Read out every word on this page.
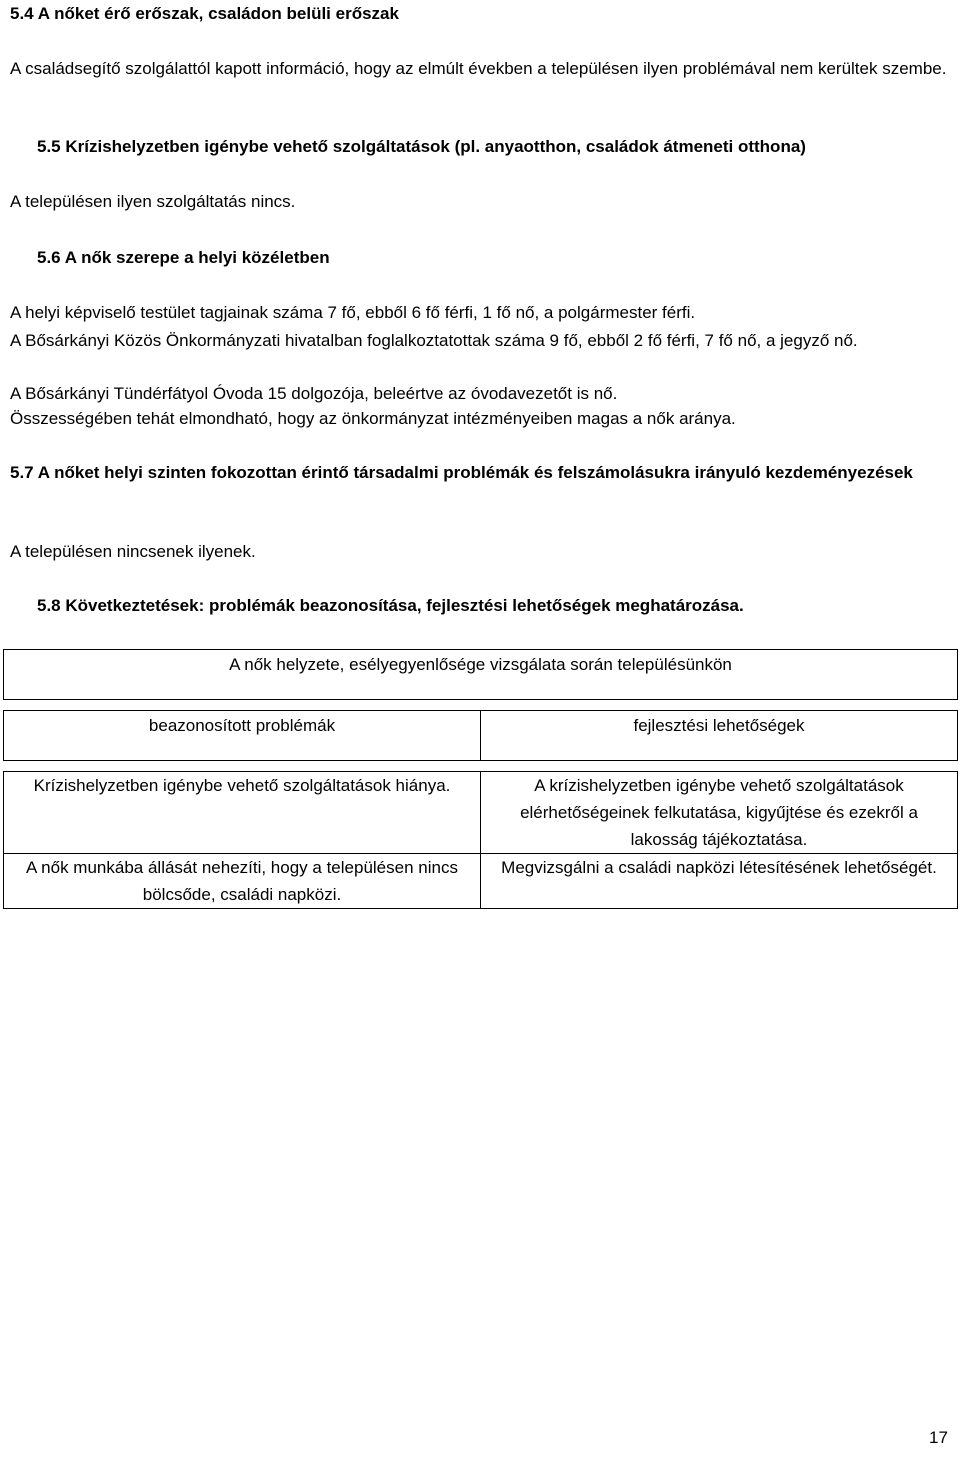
5.4 A nőket érő erőszak, családon belüli erőszak

A családsegítő szolgálattól kapott információ, hogy az elmúlt években a településen ilyen problémával nem kerültek szembe.

5.5 Krízishelyzetben igénybe vehető szolgáltatások (pl. anyaotthon, családok átmeneti otthona)

A településen ilyen szolgáltatás nincs.

5.6 A nők szerepe a helyi közéletben

A helyi képviselő testület tagjainak száma 7 fő, ebből 6 fő férfi, 1 fő nő, a polgármester férfi.

A Bősárkányi Közös Önkormányzati hivatalban foglalkoztatottak száma 9 fő, ebből 2 fő férfi, 7 fő nő, a jegyző nő.

A Bősárkányi Tündérfátyol Óvoda 15 dolgozója, beleértve az óvodavezetőt is nő.

Összességében tehát elmondható, hogy az önkormányzat intézményeiben magas a nők aránya.

5.7 A nőket helyi szinten fokozottan érintő társadalmi problémák és felszámolásukra irányuló kezdeményezések

A településen nincsenek ilyenek.

5.8 Következtetések: problémák beazonosítása, fejlesztési lehetőségek meghatározása.
A nők helyzete, esélyegyenlősége vizsgálata során településünkön	

beazonosított problémák	fejlesztési lehetőségek

Krízishelyzetben igénybe vehető szolgáltatások hiánya.	A krízishelyzetben igénybe vehető szolgáltatások elérhetőségeinek felkutatása, kigyűjtése és ezekről a lakosság tájékoztatása.
A nők munkába állását nehezíti, hogy a településen nincs bölcsőde, családi napközi.	Megvizsgálni a családi napközi létesítésének lehetőségét.
17
